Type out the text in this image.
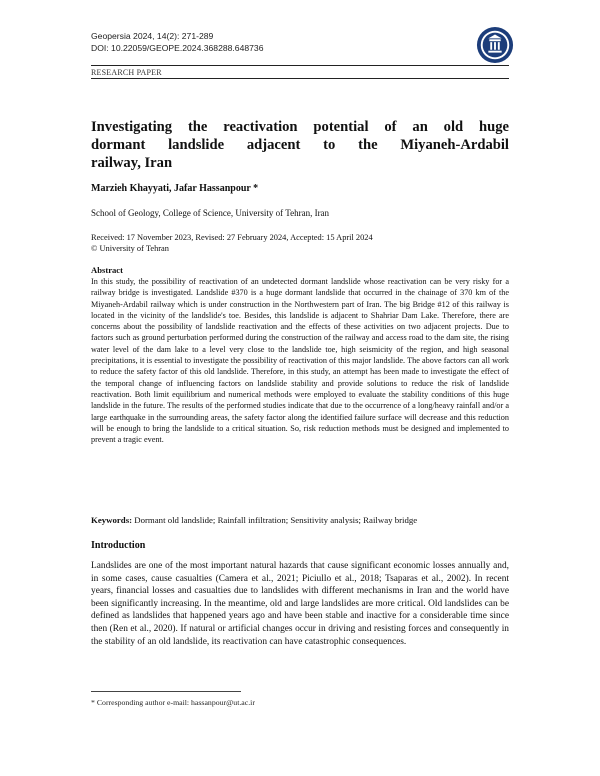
Geopersia 2024, 14(2): 271-289
DOI: 10.22059/GEOPE.2024.368288.648736
RESEARCH PAPER
Investigating the reactivation potential of an old huge
dormant landslide adjacent to the Miyaneh-Ardabil
railway, Iran
Marzieh Khayyati, Jafar Hassanpour *
School of Geology, College of Science, University of Tehran, Iran
Received: 17 November 2023, Revised: 27 February 2024, Accepted: 15 April 2024
© University of Tehran
Abstract
In this study, the possibility of reactivation of an undetected dormant landslide whose reactivation can be very risky for a railway bridge is investigated. Landslide #370 is a huge dormant landslide that occurred in the chainage of 370 km of the Miyaneh-Ardabil railway which is under construction in the Northwestern part of Iran. The big Bridge #12 of this railway is located in the vicinity of the landslide's toe. Besides, this landslide is adjacent to Shahriar Dam Lake. Therefore, there are concerns about the possibility of landslide reactivation and the effects of these activities on two adjacent projects. Due to factors such as ground perturbation performed during the construction of the railway and access road to the dam site, the rising water level of the dam lake to a level very close to the landslide toe, high seismicity of the region, and high seasonal precipitations, it is essential to investigate the possibility of reactivation of this major landslide. The above factors can all work to reduce the safety factor of this old landslide. Therefore, in this study, an attempt has been made to investigate the effect of the temporal change of influencing factors on landslide stability and provide solutions to reduce the risk of landslide reactivation. Both limit equilibrium and numerical methods were employed to evaluate the stability conditions of this huge landslide in the future. The results of the performed studies indicate that due to the occurrence of a long/heavy rainfall and/or a large earthquake in the surrounding areas, the safety factor along the identified failure surface will decrease and this reduction will be enough to bring the landslide to a critical situation. So, risk reduction methods must be designed and implemented to prevent a tragic event.
Keywords: Dormant old landslide; Rainfall infiltration; Sensitivity analysis; Railway bridge
Introduction
Landslides are one of the most important natural hazards that cause significant economic losses annually and, in some cases, cause casualties (Camera et al., 2021; Piciullo et al., 2018; Tsaparas et al., 2002). In recent years, financial losses and casualties due to landslides with different mechanisms in Iran and the world have been significantly increasing. In the meantime, old and large landslides are more critical. Old landslides can be defined as landslides that happened years ago and have been stable and inactive for a considerable time since then (Ren et al., 2020). If natural or artificial changes occur in driving and resisting forces and consequently in the stability of an old landslide, its reactivation can have catastrophic consequences.
* Corresponding author e-mail: hassanpour@ut.ac.ir
